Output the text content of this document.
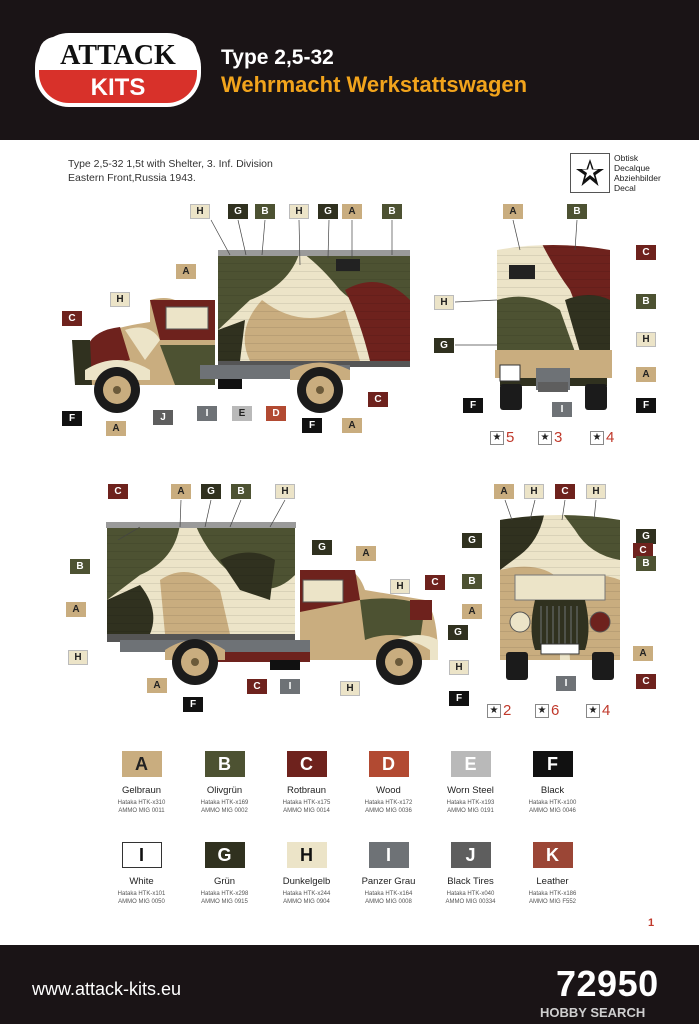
ATTACK
KITS
Type 2,5-32
Wehrmacht Werkstattswagen
Type 2,5-32 1,5t with Shelter, 3. Inf. Division
Eastern Front,Russia 1943.
Obtisk
Decalque
Abziehbilder
Decal
H	G	B	H	G	A	B
A
H
C
F
A
J	I	E	D
F	A
C
A	B
C
H	B
G
H
A
F	I	F
★ 5	★ 3	★ 4
C	A	G	B	H
G
B
A
A
H	C
H
G
A
F
C	I	H
A	H	C	H
G	G
C
B
B
A
H
A
C
F
I
★ 2	★ 6	★ 4
A
Gelbraun
Hataka HTK-x310
AMMO MIG 0011
B
Olivgrün
Hataka HTK-x169
AMMO MIG 0002
C
Rotbraun
Hataka HTK-x175
AMMO MIG 0014
D
Wood
Hataka HTK-x172
AMMO MIG 0036
E
Worn Steel
Hataka HTK-x193
AMMO MIG 0191
F
Black
Hataka HTK-x100
AMMO MIG 0046
I
White
Hataka HTK-x101
AMMO MIG 0050
G
Grün
Hataka HTK-x298
AMMO MIG 0915
H
Dunkelgelb
Hataka HTK-x244
AMMO MIG 0904
I
Panzer Grau
Hataka HTK-x164
AMMO MIG 0008
J
Black Tires
Hataka HTK-x040
AMMO MIG 00334
K
Leather
Hataka HTK-x186
AMMO MIG F552
1
www.attack-kits.eu	72950
HOBBY SEARCH
